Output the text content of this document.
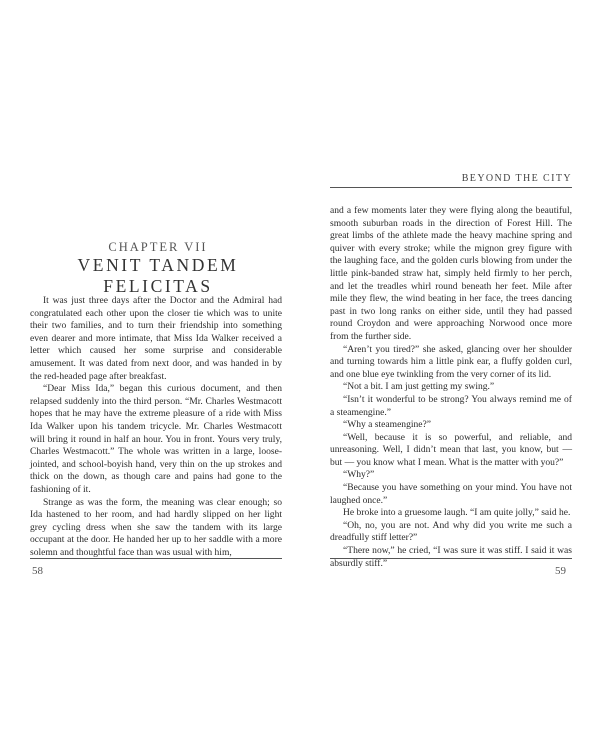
CHAPTER VII
VENIT TANDEM FELICITAS

It was just three days after the Doctor and the Admiral had congratulated each other upon the closer tie which was to unite their two families, and to turn their friendship into something even dearer and more intimate, that Miss Ida Walker received a letter which caused her some surprise and considerable amusement. It was dated from next door, and was handed in by the red-headed page after breakfast.

“Dear Miss Ida,” began this curious document, and then relapsed suddenly into the third person. “Mr. Charles Westmacott hopes that he may have the extreme pleasure of a ride with Miss Ida Walker upon his tandem tricycle. Mr. Charles Westmacott will bring it round in half an hour. You in front. Yours very truly, Charles Westmacott.” The whole was written in a large, loose-jointed, and school-boyish hand, very thin on the up strokes and thick on the down, as though care and pains had gone to the fashioning of it.

Strange as was the form, the meaning was clear enough; so Ida hastened to her room, and had hardly slipped on her light grey cycling dress when she saw the tandem with its large occupant at the door. He handed her up to her saddle with a more solemn and thoughtful face than was usual with him,

58
BEYOND THE CITY

and a few moments later they were flying along the beautiful, smooth suburban roads in the direction of Forest Hill. The great limbs of the athlete made the heavy machine spring and quiver with every stroke; while the mignon grey figure with the laughing face, and the golden curls blowing from under the little pink-banded straw hat, simply held firmly to her perch, and let the treadles whirl round beneath her feet. Mile after mile they flew, the wind beating in her face, the trees dancing past in two long ranks on either side, until they had passed round Croydon and were approaching Norwood once more from the further side.

“Aren’t you tired?” she asked, glancing over her shoulder and turning towards him a little pink ear, a fluffy golden curl, and one blue eye twinkling from the very corner of its lid.

“Not a bit. I am just getting my swing.”

“Isn’t it wonderful to be strong? You always remind me of a steamengine.”

“Why a steamengine?”

“Well, because it is so powerful, and reliable, and unreasoning. Well, I didn’t mean that last, you know, but — but — you know what I mean. What is the matter with you?”

“Why?”

“Because you have something on your mind. You have not laughed once.”

He broke into a gruesome laugh. “I am quite jolly,” said he.

“Oh, no, you are not. And why did you write me such a dreadfully stiff letter?”

“There now,” he cried, “I was sure it was stiff. I said it was absurdly stiff.”

59
